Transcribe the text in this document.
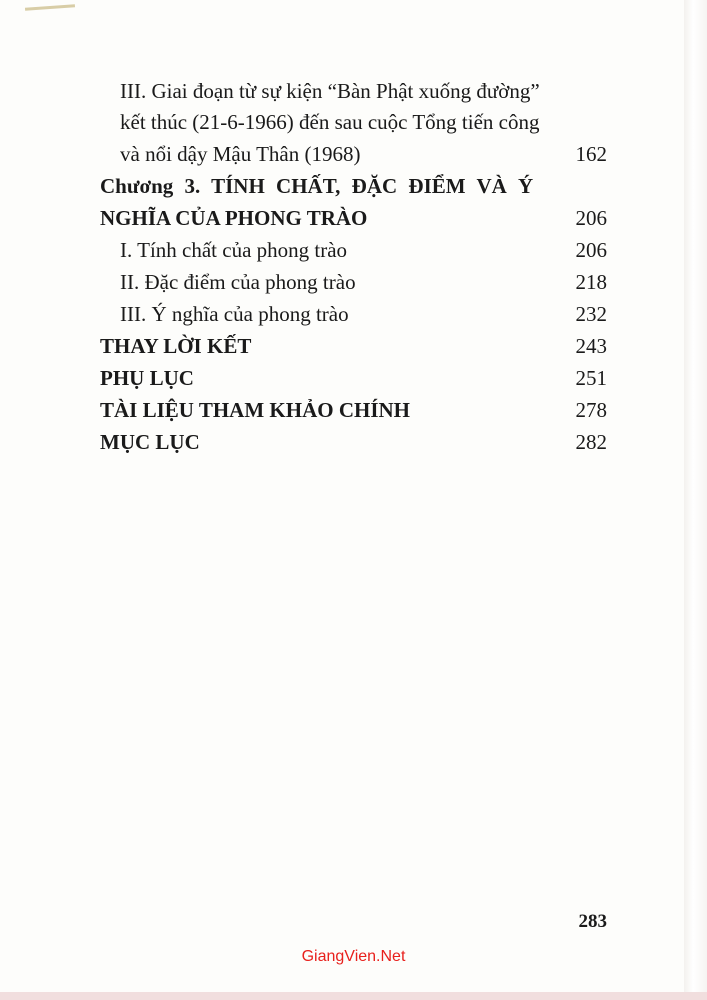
III. Giai đoạn từ sự kiện “Bàn Phật xuống đường”
kết thúc (21-6-1966) đến sau cuộc Tổng tiến công
và nổi dậy Mậu Thân (1968)	162
Chương 3. TÍNH CHẤT, ĐẶC ĐIỂM VÀ Ý
NGHĨA CỦA PHONG TRÀO	206
I. Tính chất của phong trào	206
II. Đặc điểm của phong trào	218
III. Ý nghĩa của phong trào	232
THAY LỜI KẾT	243
PHỤ LỤC	251
TÀI LIỆU THAM KHẢO CHÍNH	278
MỤC LỤC	282
283
GiangVien.Net
